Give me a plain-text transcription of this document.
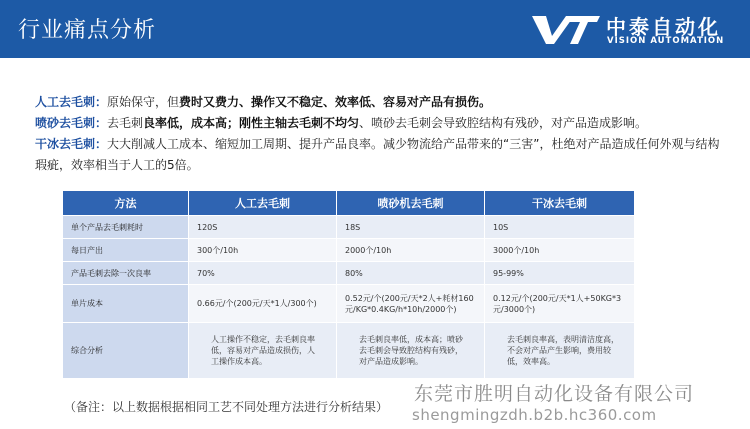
行业痛点分析	中泰自动化
VISION AUTOMATION
人工去毛刺：原始保守，但费时又费力、操作又不稳定、效率低、容易对产品有损伤。
喷砂去毛刺：去毛刺良率低，成本高；刚性主轴去毛刺不均匀、喷砂去毛刺会导致腔结构有残砂，对产品造成影响。
干冰去毛刺：大大削减人工成本、缩短加工周期、提升产品良率。减少物流给产品带来的“三害”，杜绝对产品造成任何外观与结构瑕疵，效率相当于人工的5倍。
方法	人工去毛刺	喷砂机去毛刺	干冰去毛刺
单个产品去毛刺耗时	120S	18S	10S
每日产出	300个/10h	2000个/10h	3000个/10h
产品毛刺去除一次良率	70%	80%	95-99%
单片成本	0.66元/个(200元/天*1人/300个)	0.52元/个(200元/天*2人+耗材160元/KG*0.4KG/h*10h/2000个)	0.12元/个(200元/天*1人+50KG*3元/3000个)
综合分析	人工操作不稳定，去毛刺良率低，容易对产品造成损伤，人工操作成本高。	去毛刺良率低，成本高；喷砂去毛刺会导致腔结构有残砂，对产品造成影响。	去毛刺良率高，表明清洁度高，不会对产品产生影响，费用较低，效率高。
（备注：以上数据根据相同工艺不同处理方法进行分析结果）
东莞市胜明自动化设备有限公司
shengmingzdh.b2b.hc360.com
